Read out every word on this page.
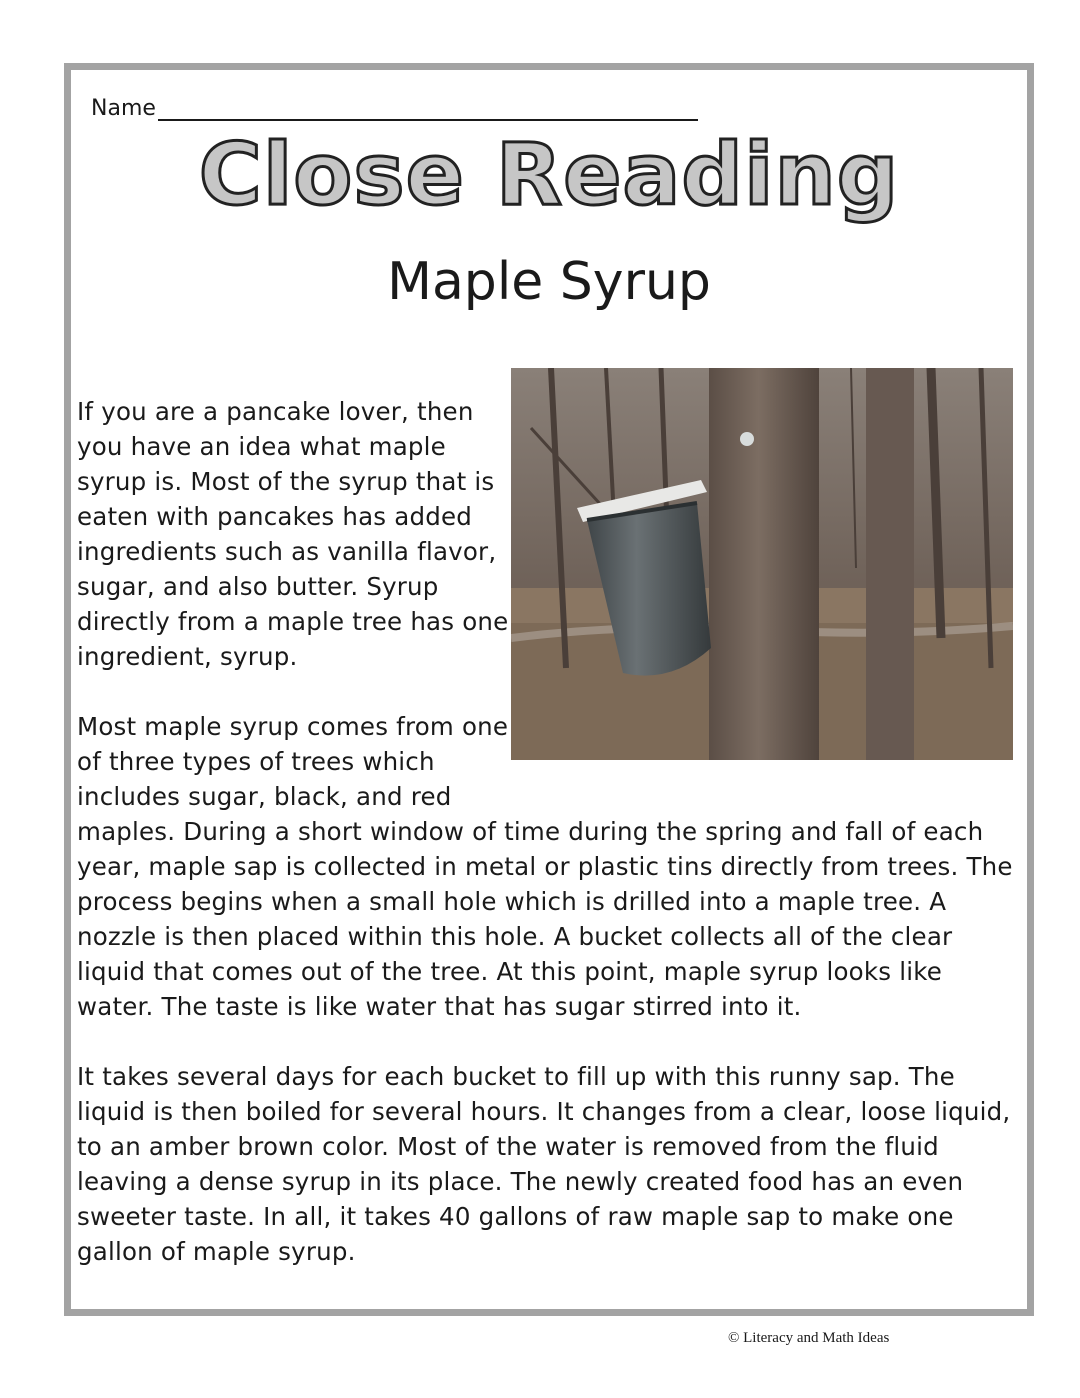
Name
Close Reading
Maple Syrup

If you are a pancake lover, then you have an idea what maple syrup is. Most of the syrup that is eaten with pancakes has added ingredients such as vanilla flavor, sugar, and also butter. Syrup directly from a maple tree has one ingredient, syrup.

Most maple syrup comes from one of three types of trees which includes sugar, black, and red maples. During a short window of time during the spring and fall of each year, maple sap is collected in metal or plastic tins directly from trees. The process begins when a small hole which is drilled into a maple tree. A nozzle is then placed within this hole. A bucket collects all of the clear liquid that comes out of the tree. At this point, maple syrup looks like water. The taste is like water that has sugar stirred into it.

It takes several days for each bucket to fill up with this runny sap. The liquid is then boiled for several hours. It changes from a clear, loose liquid, to an amber brown color. Most of the water is removed from the fluid leaving a dense syrup in its place. The newly created food has an even sweeter taste. In all, it takes 40 gallons of raw maple sap to make one gallon of maple syrup.

© Literacy and Math Ideas
